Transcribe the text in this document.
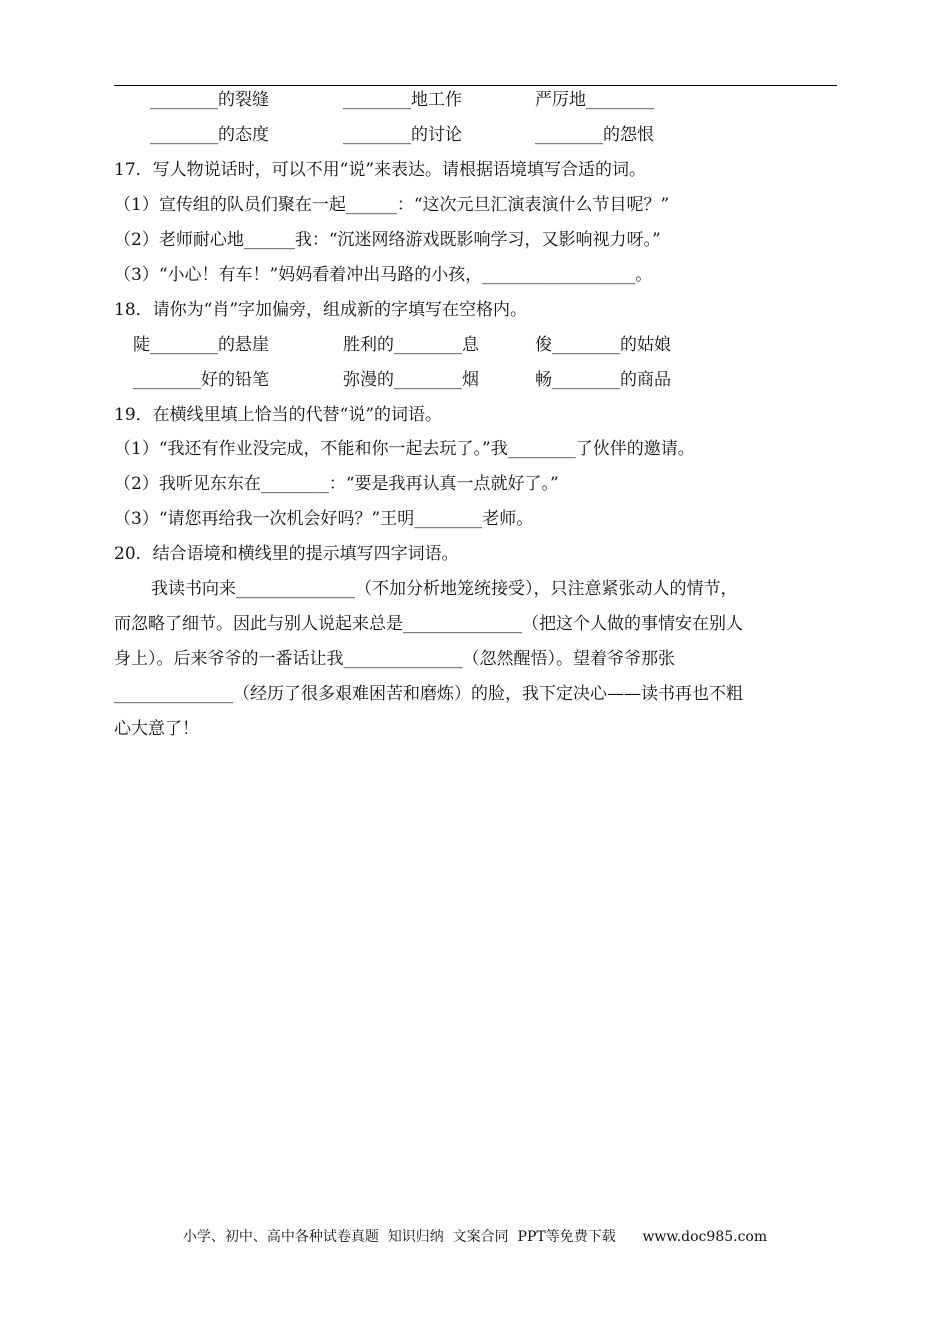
________的裂缝	________地工作	严厉地________
________的态度	________的讨论	________的怨恨
17．写人物说话时，可以不用“说”来表达。请根据语境填写合适的词。
（1）宣传组的队员们聚在一起______：“这次元旦汇演表演什么节目呢？”
（2）老师耐心地______我：“沉迷网络游戏既影响学习，又影响视力呀。”
（3）“小心！有车！”妈妈看着冲出马路的小孩，__________________。
18．请你为“肖”字加偏旁，组成新的字填写在空格内。
陡________的悬崖	胜利的________息	俊________的姑娘
________好的铅笔	弥漫的________烟	畅________的商品
19．在横线里填上恰当的代替“说”的词语。
（1）“我还有作业没完成，不能和你一起去玩了。”我________了伙伴的邀请。
（2）我听见东东在________：“要是我再认真一点就好了。”
（3）“请您再给我一次机会好吗？”王明________老师。
20．结合语境和横线里的提示填写四字词语。
我读书向来______________（不加分析地笼统接受），只注意紧张动人的情节，
而忽略了细节。因此与别人说起来总是______________（把这个人做的事情安在别人
身上）。后来爷爷的一番话让我______________（忽然醒悟）。望着爷爷那张
______________（经历了很多艰难困苦和磨炼）的脸，我下定决心——读书再也不粗
心大意了！
小学、初中、高中各种试卷真题  知识归纳  文案合同  PPT等免费下载      www.doc985.com
